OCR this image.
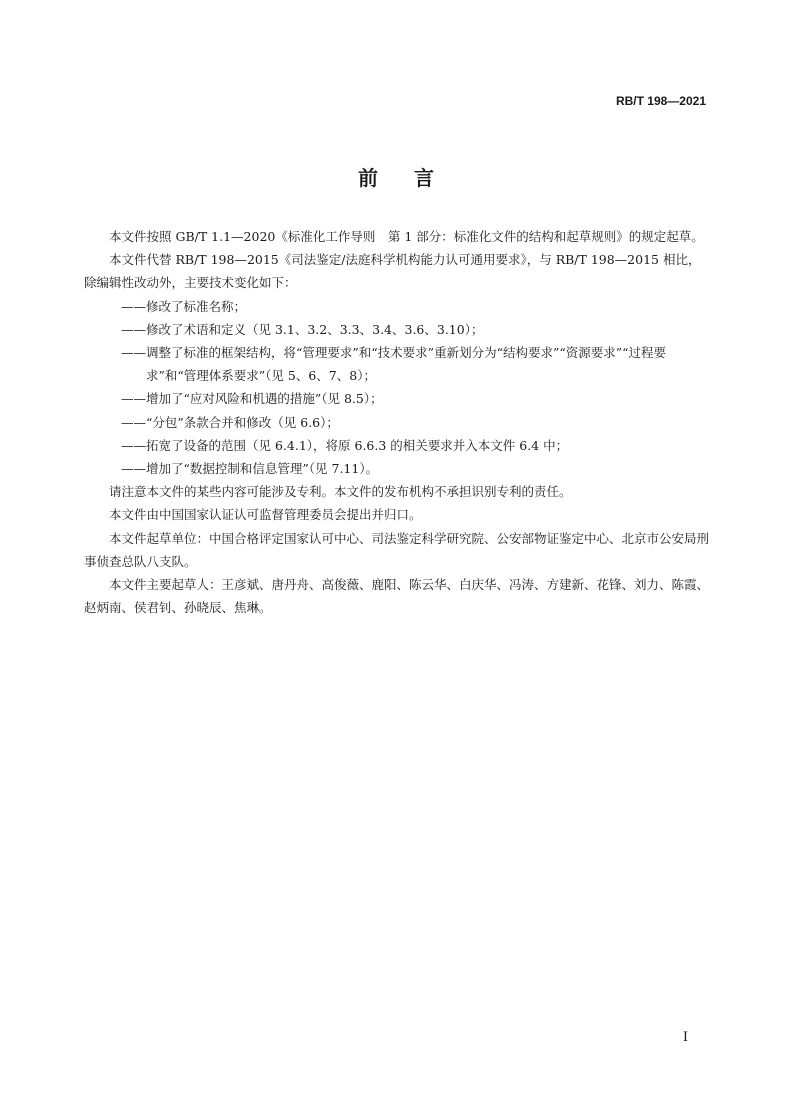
RB/T 198—2021
前言

本文件按照 GB/T 1.1—2020《标准化工作导则　第 1 部分：标准化文件的结构和起草规则》的规定起草。

本文件代替 RB/T 198—2015《司法鉴定/法庭科学机构能力认可通用要求》，与 RB/T 198—2015 相比，除编辑性改动外，主要技术变化如下：

——修改了标准名称；

——修改了术语和定义（见 3.1、3.2、3.3、3.4、3.6、3.10）；

——调整了标准的框架结构，将“管理要求”和“技术要求”重新划分为“结构要求”“资源要求”“过程要求”和“管理体系要求”（见 5、6、7、8）；

——增加了“应对风险和机遇的措施”（见 8.5）；

——“分包”条款合并和修改（见 6.6）；

——拓宽了设备的范围（见 6.4.1），将原 6.6.3 的相关要求并入本文件 6.4 中；

——增加了“数据控制和信息管理”（见 7.11）。

请注意本文件的某些内容可能涉及专利。本文件的发布机构不承担识别专利的责任。

本文件由中国国家认证认可监督管理委员会提出并归口。

本文件起草单位：中国合格评定国家认可中心、司法鉴定科学研究院、公安部物证鉴定中心、北京市公安局刑事侦查总队八支队。

本文件主要起草人：王彦斌、唐丹舟、高俊薇、鹿阳、陈云华、白庆华、冯涛、方建新、花锋、刘力、陈霞、赵炳南、侯君钊、孙晓辰、焦琳。

I
